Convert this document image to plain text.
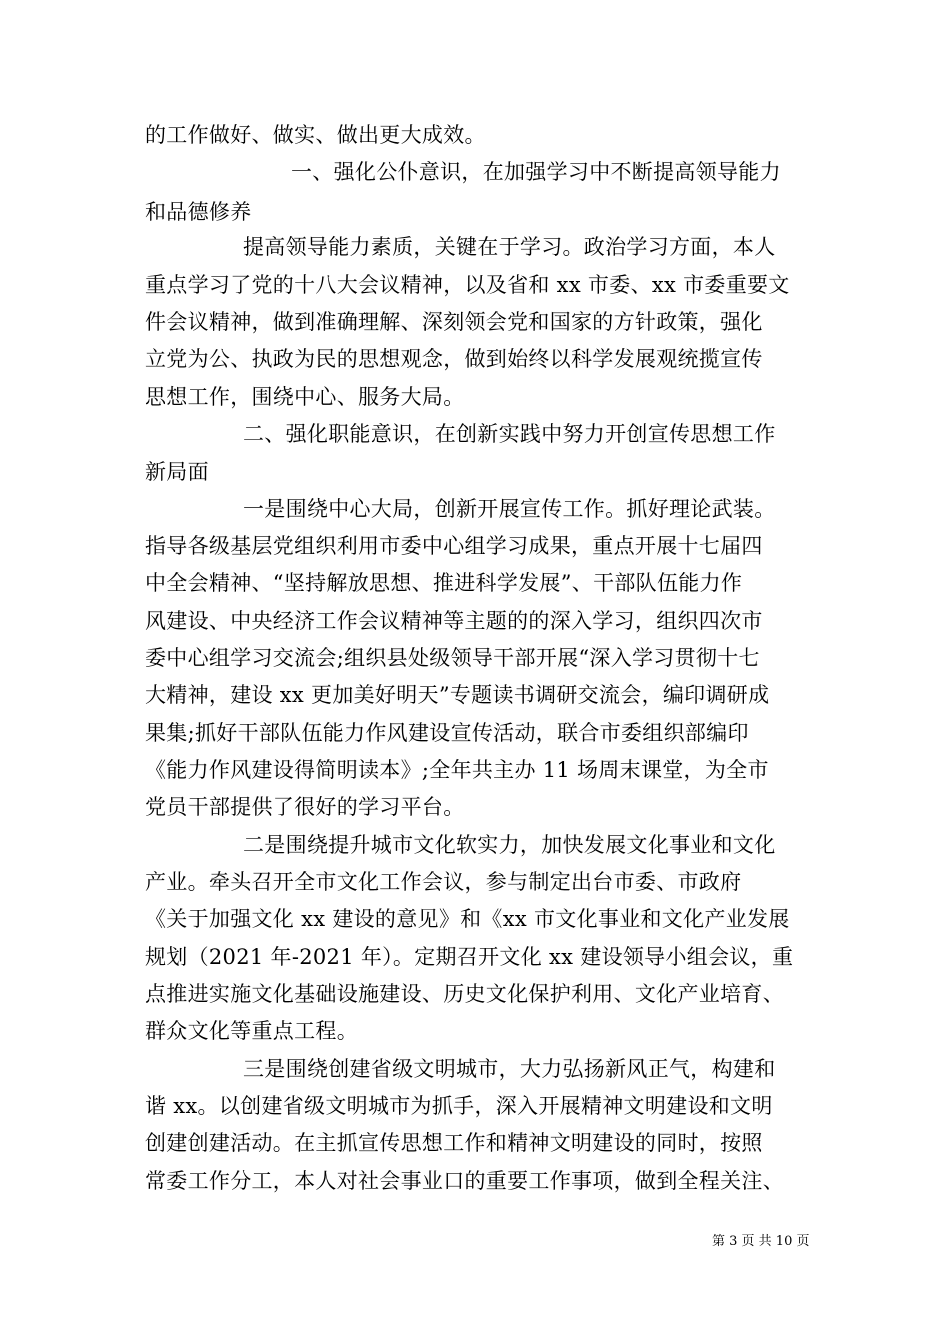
的工作做好、做实、做出更大成效。
一、强化公仆意识，在加强学习中不断提高领导能力
和品德修养
提高领导能力素质，关键在于学习。政治学习方面，本人
重点学习了党的十八大会议精神，以及省和 xx 市委、xx 市委重要文
件会议精神，做到准确理解、深刻领会党和国家的方针政策，强化
立党为公、执政为民的思想观念，做到始终以科学发展观统揽宣传
思想工作，围绕中心、服务大局。
二、强化职能意识，在创新实践中努力开创宣传思想工作
新局面
一是围绕中心大局，创新开展宣传工作。抓好理论武装。
指导各级基层党组织利用市委中心组学习成果，重点开展十七届四
中全会精神、“坚持解放思想、推进科学发展”、干部队伍能力作
风建设、中央经济工作会议精神等主题的的深入学习，组织四次市
委中心组学习交流会;组织县处级领导干部开展“深入学习贯彻十七
大精神，建设 xx 更加美好明天”专题读书调研交流会，编印调研成
果集;抓好干部队伍能力作风建设宣传活动，联合市委组织部编印
《能力作风建设得简明读本》;全年共主办 11 场周末课堂，为全市
党员干部提供了很好的学习平台。
二是围绕提升城市文化软实力，加快发展文化事业和文化
产业。牵头召开全市文化工作会议，参与制定出台市委、市政府
《关于加强文化 xx 建设的意见》和《xx 市文化事业和文化产业发展
规划（2021 年-2021 年）。定期召开文化 xx 建设领导小组会议，重
点推进实施文化基础设施建设、历史文化保护利用、文化产业培育、
群众文化等重点工程。
三是围绕创建省级文明城市，大力弘扬新风正气，构建和
谐 xx。以创建省级文明城市为抓手，深入开展精神文明建设和文明
创建创建活动。在主抓宣传思想工作和精神文明建设的同时，按照
常委工作分工，本人对社会事业口的重要工作事项，做到全程关注、
第 3 页 共 10 页
